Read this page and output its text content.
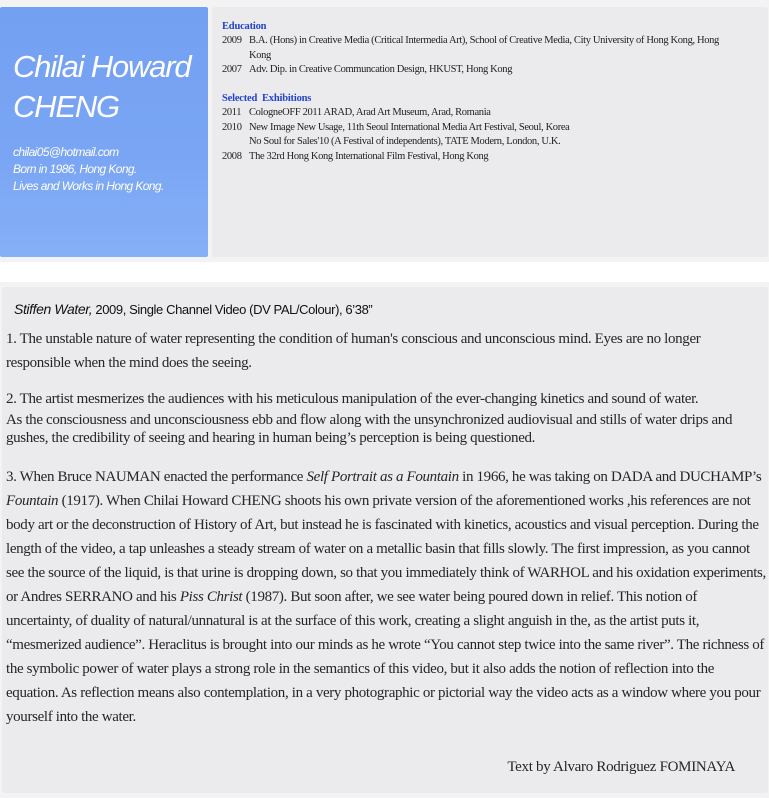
Chilai Howard
CHENG
chilai05@hotmail.com
Born in 1986, Hong Kong.
Lives and Works in Hong Kong.
Education
2009 B.A. (Hons) in Creative Media (Critical Intermedia Art), School of Creative Media, City University of Hong Kong, Hong Kong
2007 Adv. Dip. in Creative Communcation Design, HKUST, Hong Kong
Selected  Exhibitions
2011 CologneOFF 2011 ARAD, Arad Art Museum, Arad, Romania
2010 New Image New Usage, 11th Seoul International Media Art Festival, Seoul, Korea
No Soul for Sales'10 (A Festival of independents), TATE Modern, London, U.K.
2008 The 32rd Hong Kong International Film Festival, Hong Kong
Stiffen Water, 2009, Single Channel Video (DV PAL/Colour), 6’38”
1. The unstable nature of water representing the condition of human's conscious and unconscious mind. Eyes are no longer responsible when the mind does the seeing.
2. The artist mesmerizes the audiences with his meticulous manipulation of the ever-changing kinetics and sound of water.
As the consciousness and unconsciousness ebb and flow along with the unsynchronized audiovisual and stills of water drips and gushes, the credibility of seeing and hearing in human being’s perception is being questioned.
3. When Bruce NAUMAN enacted the performance Self Portrait as a Fountain in 1966, he was taking on DADA and DUCHAMP’s Fountain (1917). When Chilai Howard CHENG shoots his own private version of the aforementioned works ,his references are not body art or the deconstruction of History of Art, but instead he is fascinated with kinetics, acoustics and visual perception. During the length of the video, a tap unleashes a steady stream of water on a metallic basin that fills slowly. The first impression, as you cannot see the source of the liquid, is that urine is dropping down, so that you immediately think of WARHOL and his oxidation experiments, or Andres SERRANO and his Piss Christ (1987). But soon after, we see water being poured down in relief. This notion of uncertainty, of duality of natural/unnatural is at the surface of this work, creating a slight anguish in the, as the artist puts it, “mesmerized audience”. Heraclitus is brought into our minds as he wrote “You cannot step twice into the same river”. The richness of the symbolic power of water plays a strong role in the semantics of this video, but it also adds the notion of reflection into the equation. As reflection means also contemplation, in a very photographic or pictorial way the video acts as a window where you pour yourself into the water.
Text by Alvaro Rodriguez FOMINAYA
